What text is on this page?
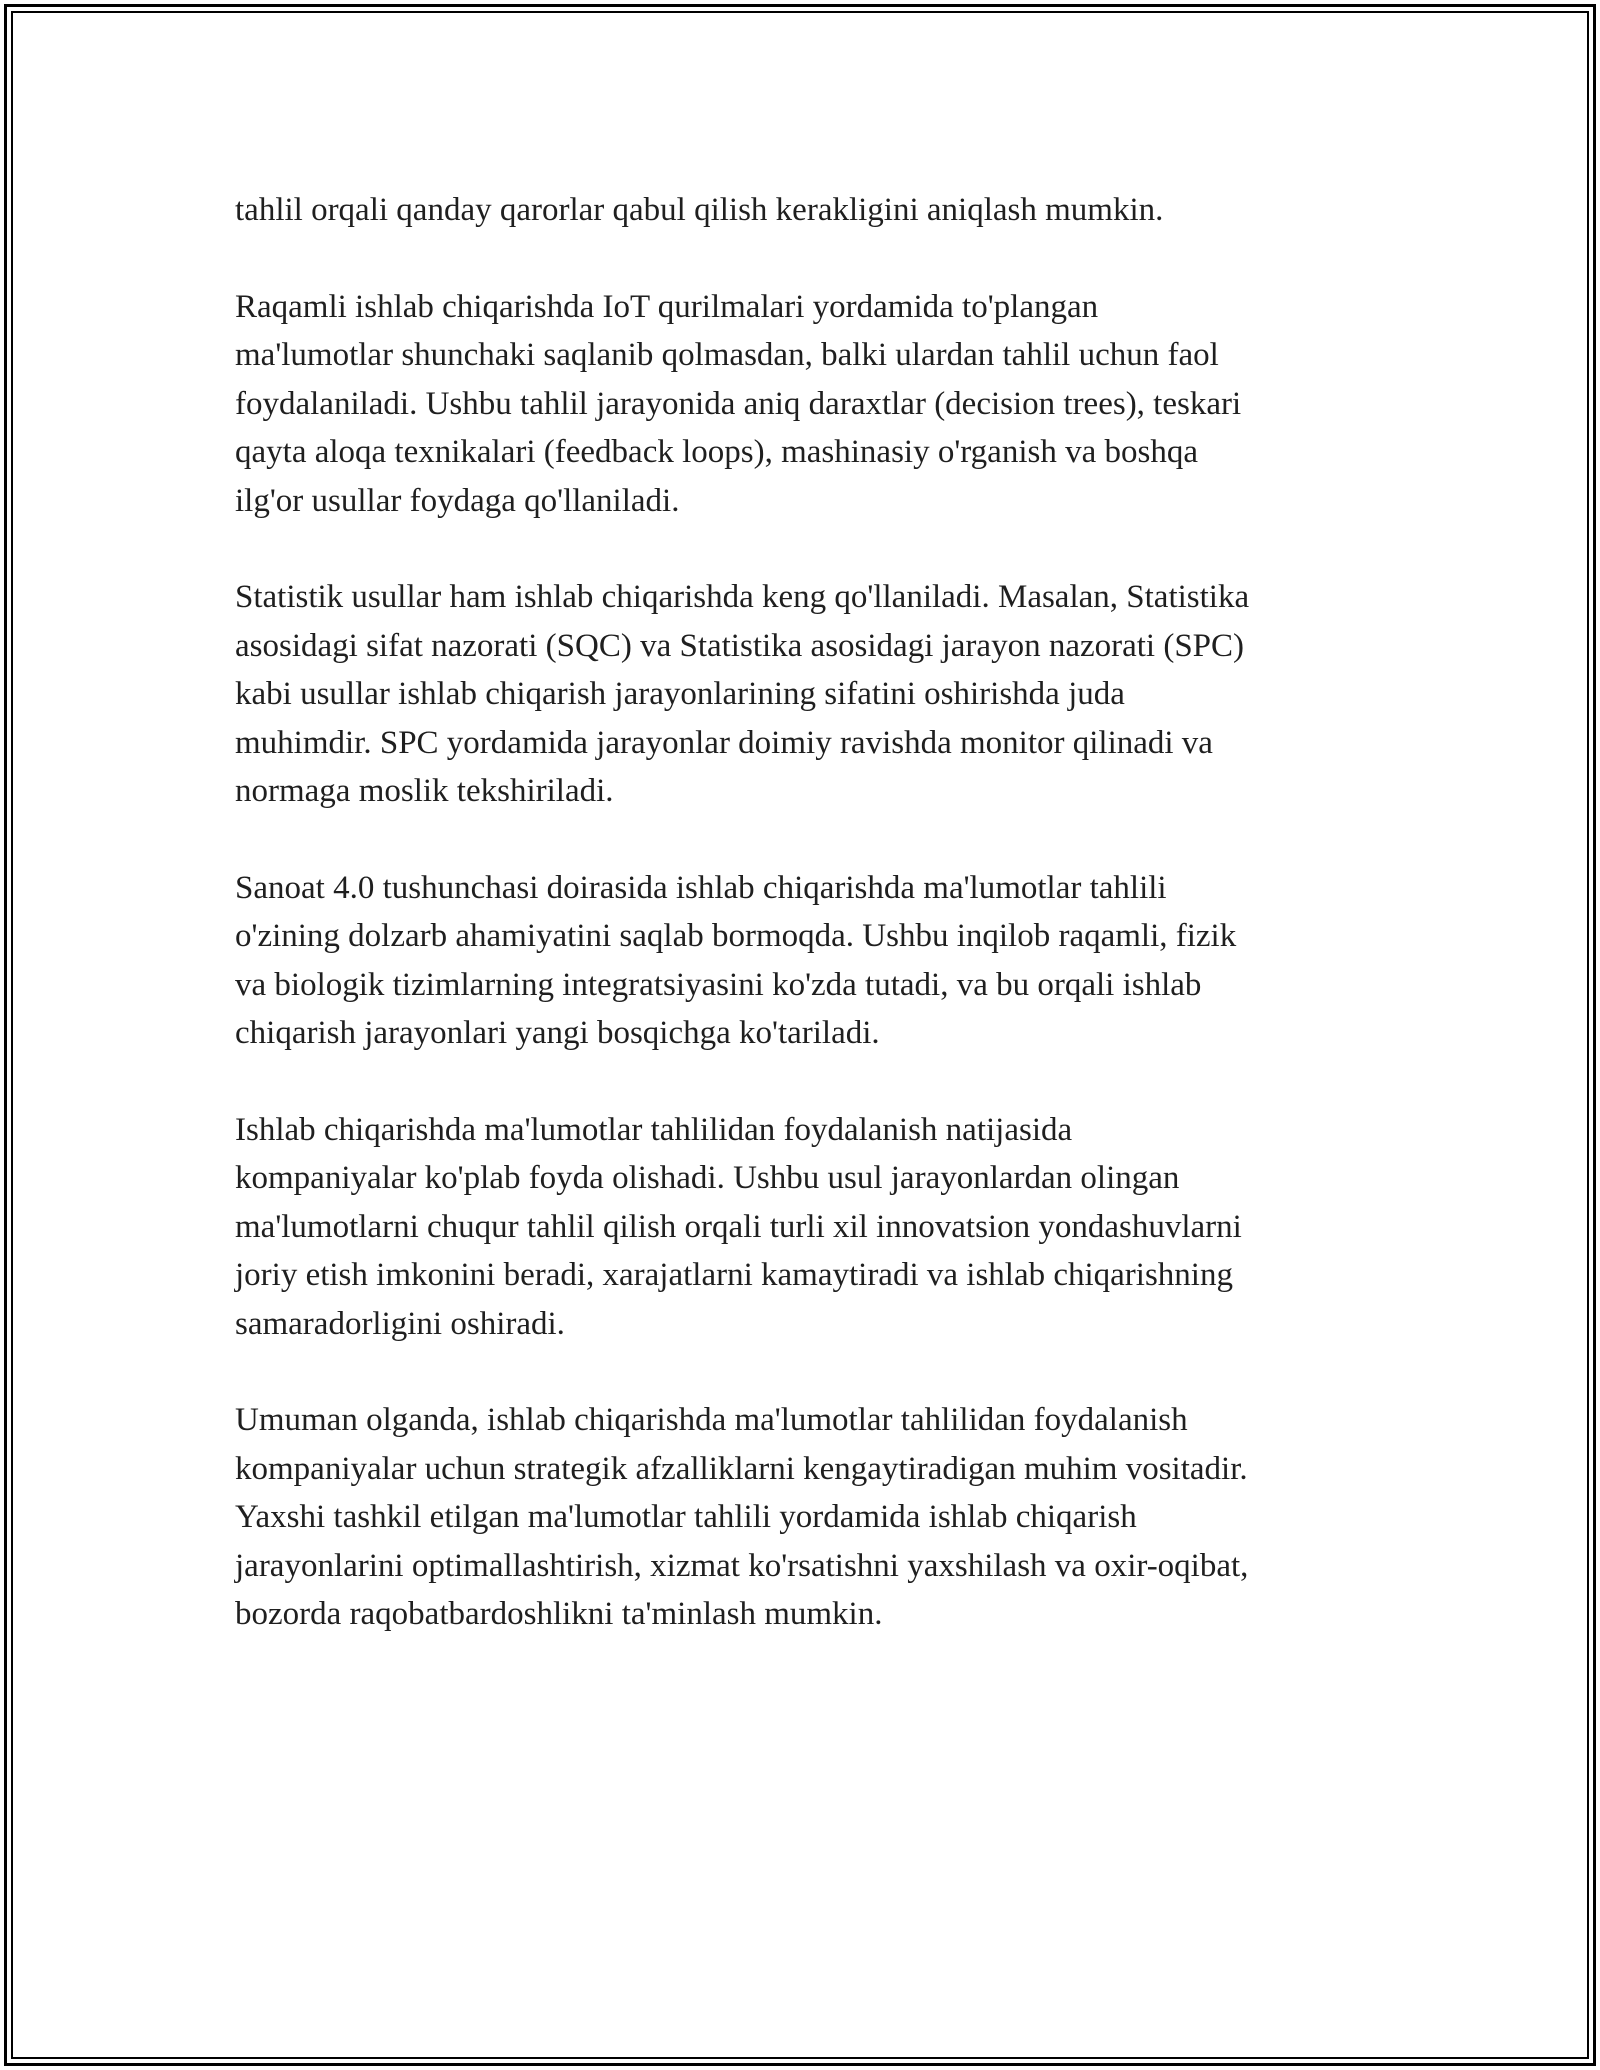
tahlil orqali qanday qarorlar qabul qilish kerakligini aniqlash mumkin.

Raqamli ishlab chiqarishda IoT qurilmalari yordamida to'plangan
ma'lumotlar shunchaki saqlanib qolmasdan, balki ulardan tahlil uchun faol
foydalaniladi. Ushbu tahlil jarayonida aniq daraxtlar (decision trees), teskari
qayta aloqa texnikalari (feedback loops), mashinasiy o'rganish va boshqa
ilg'or usullar foydaga qo'llaniladi.

Statistik usullar ham ishlab chiqarishda keng qo'llaniladi. Masalan, Statistika
asosidagi sifat nazorati (SQC) va Statistika asosidagi jarayon nazorati (SPC)
kabi usullar ishlab chiqarish jarayonlarining sifatini oshirishda juda
muhimdir. SPC yordamida jarayonlar doimiy ravishda monitor qilinadi va
normaga moslik tekshiriladi.

Sanoat 4.0 tushunchasi doirasida ishlab chiqarishda ma'lumotlar tahlili
o'zining dolzarb ahamiyatini saqlab bormoqda. Ushbu inqilob raqamli, fizik
va biologik tizimlarning integratsiyasini ko'zda tutadi, va bu orqali ishlab
chiqarish jarayonlari yangi bosqichga ko'tariladi.

Ishlab chiqarishda ma'lumotlar tahlilidan foydalanish natijasida
kompaniyalar ko'plab foyda olishadi. Ushbu usul jarayonlardan olingan
ma'lumotlarni chuqur tahlil qilish orqali turli xil innovatsion yondashuvlarni
joriy etish imkonini beradi, xarajatlarni kamaytiradi va ishlab chiqarishning
samaradorligini oshiradi.

Umuman olganda, ishlab chiqarishda ma'lumotlar tahlilidan foydalanish
kompaniyalar uchun strategik afzalliklarni kengaytiradigan muhim vositadir.
Yaxshi tashkil etilgan ma'lumotlar tahlili yordamida ishlab chiqarish
jarayonlarini optimallashtirish, xizmat ko'rsatishni yaxshilash va oxir-oqibat,
bozorda raqobatbardoshlikni ta'minlash mumkin.
